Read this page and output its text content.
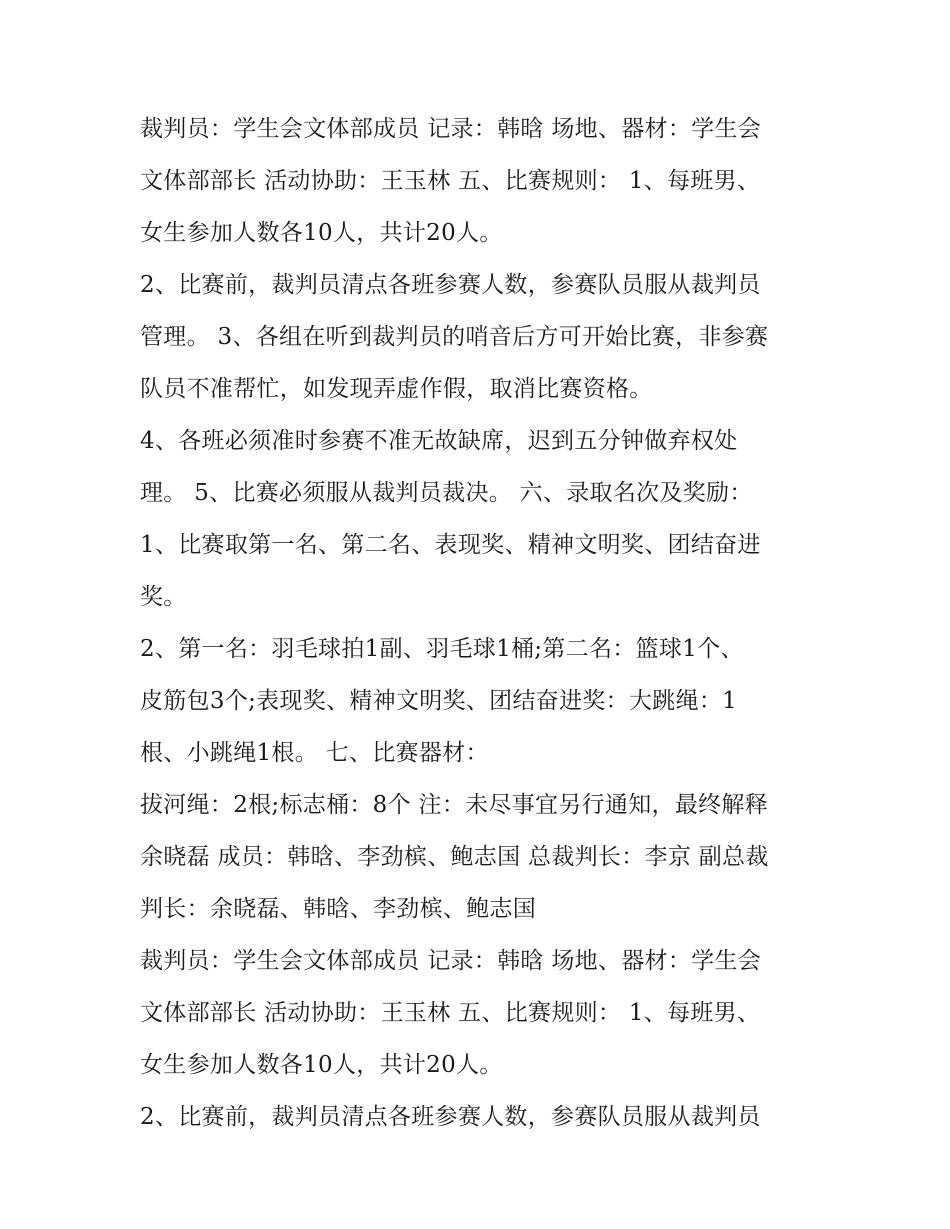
裁判员：学生会文体部成员 记录：韩晗 场地、器材：学生会
文体部部长 活动协助：王玉林 五、比赛规则： 1、每班男、
女生参加人数各10人，共计20人。
2、比赛前，裁判员清点各班参赛人数，参赛队员服从裁判员
管理。 3、各组在听到裁判员的哨音后方可开始比赛，非参赛
队员不准帮忙，如发现弄虚作假，取消比赛资格。
4、各班必须准时参赛不准无故缺席，迟到五分钟做弃权处
理。 5、比赛必须服从裁判员裁决。 六、录取名次及奖励：
1、比赛取第一名、第二名、表现奖、精神文明奖、团结奋进
奖。
2、第一名：羽毛球拍1副、羽毛球1桶;第二名：篮球1个、
皮筋包3个;表现奖、精神文明奖、团结奋进奖：大跳绳：1
根、小跳绳1根。 七、比赛器材：
拔河绳：2根;标志桶：8个 注：未尽事宜另行通知，最终解释
余晓磊 成员：韩晗、李劲槟、鲍志国 总裁判长：李京 副总裁
判长：余晓磊、韩晗、李劲槟、鲍志国
裁判员：学生会文体部成员 记录：韩晗 场地、器材：学生会
文体部部长 活动协助：王玉林 五、比赛规则： 1、每班男、
女生参加人数各10人，共计20人。
2、比赛前，裁判员清点各班参赛人数，参赛队员服从裁判员
